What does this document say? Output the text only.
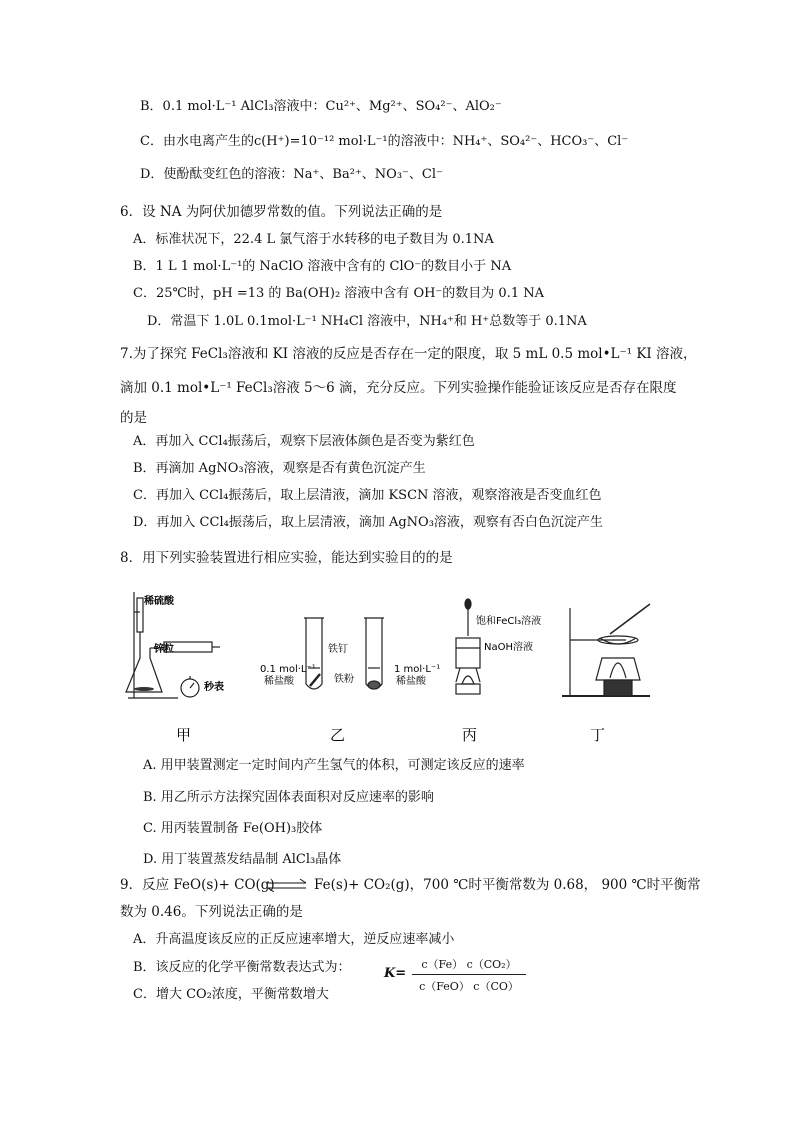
B．0.1 mol·L⁻¹ AlCl₃溶液中：Cu²⁺、Mg²⁺、SO₄²⁻、AlO₂⁻
C．由水电离产生的c(H⁺)=10⁻¹² mol·L⁻¹的溶液中：NH₄⁺、SO₄²⁻、HCO₃⁻、Cl⁻
D．使酚酞变红色的溶液：Na⁺、Ba²⁺、NO₃⁻、Cl⁻
6．设 NA 为阿伏加德罗常数的值。下列说法正确的是
A．标准状况下，22.4 L 氯气溶于水转移的电子数目为 0.1NA
B．1 L 1 mol·L⁻¹的 NaClO 溶液中含有的 ClO⁻的数目小于 NA
C．25℃时，pH =13 的 Ba(OH)₂ 溶液中含有 OH⁻的数目为 0.1 NA
D．常温下 1.0L 0.1mol·L⁻¹ NH₄Cl 溶液中，NH₄⁺和 H⁺总数等于 0.1NA
7.为了探究 FeCl₃溶液和 KI 溶液的反应是否存在一定的限度，取 5 mL 0.5 mol•L⁻¹ KI 溶液，
滴加 0.1 mol•L⁻¹ FeCl₃溶液 5～6 滴，充分反应。下列实验操作能验证该反应是否存在限度
的是
A．再加入 CCl₄振荡后，观察下层液体颜色是否变为紫红色
B．再滴加 AgNO₃溶液，观察是否有黄色沉淀产生
C．再加入 CCl₄振荡后，取上层清液，滴加 KSCN 溶液，观察溶液是否变血红色
D．再加入 CCl₄振荡后，取上层清液，滴加 AgNO₃溶液，观察有否白色沉淀产生
8．用下列实验装置进行相应实验，能达到实验目的的是
稀硫酸
锌粒
秒表
0.1 mol·L⁻¹
稀盐酸
铁钉
铁粉
1 mol·L⁻¹
稀盐酸
饱和FeCl₃溶液
NaOH溶液
甲	乙	丙	丁
A. 用甲装置测定一定时间内产生氢气的体积，可测定该反应的速率
B. 用乙所示方法探究固体表面积对反应速率的影响
C. 用丙装置制备 Fe(OH)₃胶体
D. 用丁装置蒸发结晶制 AlCl₃晶体
9．反应 FeO(s)+ CO(g) ⇌ Fe(s)+ CO₂(g)，700 ℃时平衡常数为 0.68， 900 ℃时平衡常
数为 0.46。下列说法正确的是
A．升高温度该反应的正反应速率增大，逆反应速率减小
B．该反应的化学平衡常数表达式为：	K=
c（Fe） c（CO₂）
c（FeO） c（CO）
C．增大 CO₂浓度，平衡常数增大
